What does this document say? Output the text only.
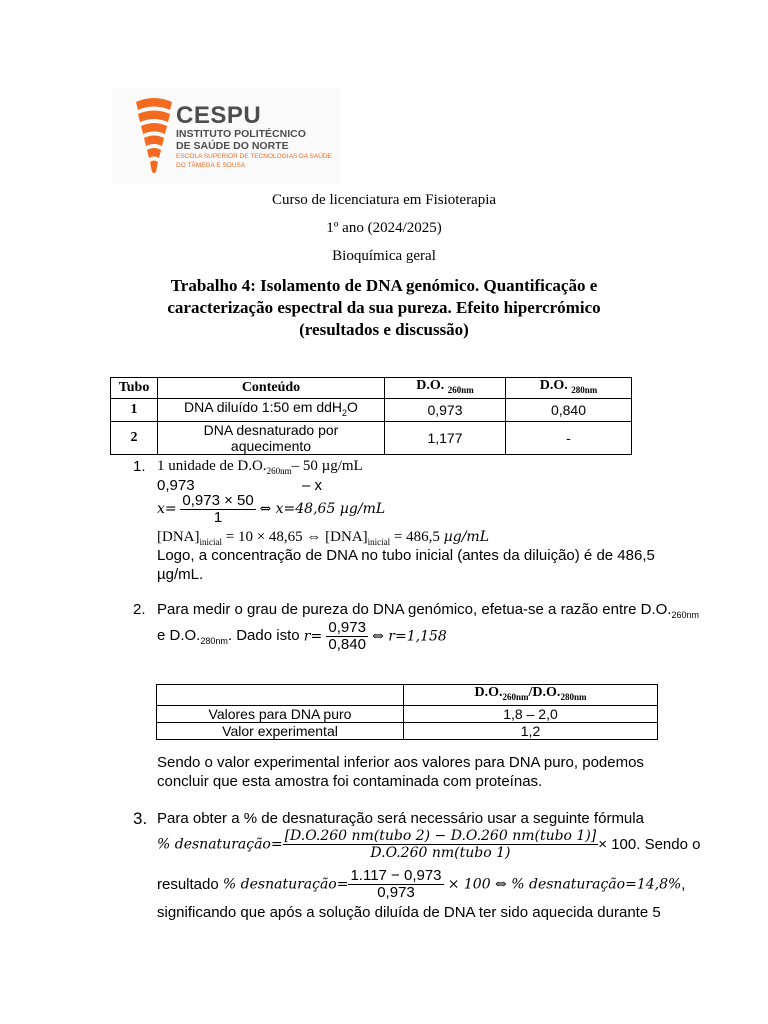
CESPU
INSTITUTO POLITÉCNICO
DE SAÚDE DO NORTE
ESCOLA SUPERIOR DE TECNOLOGIAS DA SAÚDE
DO TÂMEGA E SOUSA
Curso de licenciatura em Fisioterapia
1º ano (2024/2025)
Bioquímica geral
Trabalho 4: Isolamento de DNA genómico. Quantificação e
caracterização espectral da sua pureza. Efeito hipercrómico
(resultados e discussão)
Tubo	Conteúdo	D.O. $_{260nm}$	D.O. $_{280nm}$
1	DNA diluído 1:50 em ddH$_2$O	0,973	0,840
2	DNA desnaturado por aquecimento	1,177	-
1. 1 unidade de $D.O._{260nm}-$ 50 µg/mL
0,973	– x
$x= \frac{0,973 \times 50}{1}$ ⇔ x=48,65 µg/mL
$[DNA]_{inicial} = 10 \times 48,65$ ⇔ $[DNA]_{inicial} = 486,5$ µg/mL
Logo, a concentração de DNA no tubo inicial (antes da diluição) é de 486,5
µg/mL.
2. Para medir o grau de pureza do DNA genómico, efetua-se a razão entre $D.O._{260nm}$
e $D.O._{280nm}$. Dado isto $r= \frac{0,973}{0,840}$ ⇔ r=1,158
	$D.O._{260nm}/D.O._{280nm}$
Valores para DNA puro	1,8 – 2,0
Valor experimental	1,2
Sendo o valor experimental inferior aos valores para DNA puro, podemos
concluir que esta amostra foi contaminada com proteínas.
3. Para obter a % de desnaturação será necessário usar a seguinte fórmula
% desnaturação= $\frac{\text{[D.O.260 nm(tubo 2) − D.O.260 nm(tubo 1)]}}{\text{D.O.260 nm(tubo 1)}} \times 100$. Sendo o
resultado % desnaturação= $\frac{1.117 - 0,973}{0,973} \times 100$ ⇔ % desnaturação=14,8%,
significando que após a solução diluída de DNA ter sido aquecida durante 5
